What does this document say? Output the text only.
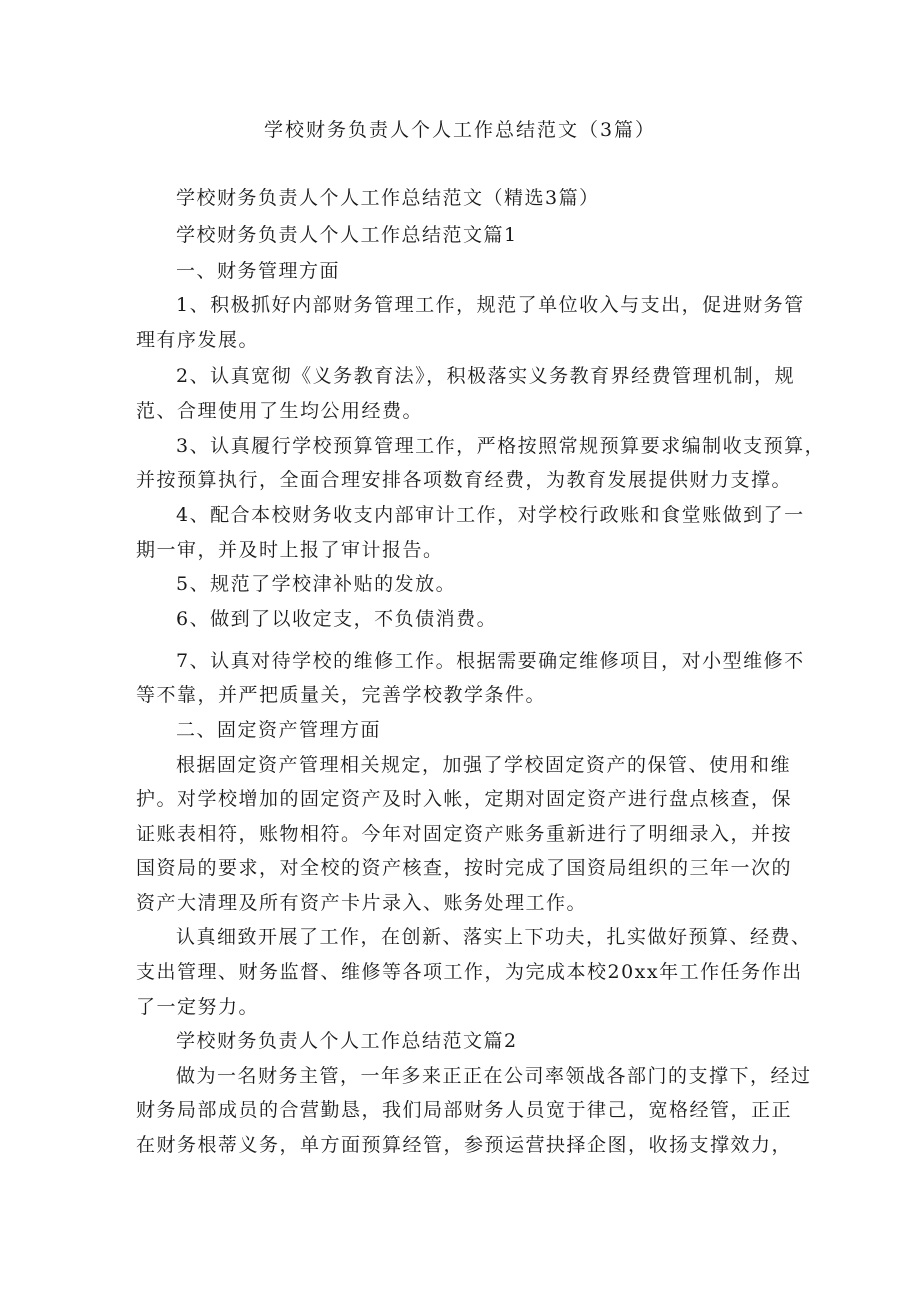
学校财务负责人个人工作总结范文（3篇）
学校财务负责人个人工作总结范文（精选3篇）
学校财务负责人个人工作总结范文篇1
一、财务管理方面
1、积极抓好内部财务管理工作，规范了单位收入与支出，促进财务管
理有序发展。
2、认真宽彻《义务教育法》，积极落实义务教育界经费管理机制，规
范、合理使用了生均公用经费。
3、认真履行学校预算管理工作，严格按照常规预算要求编制收支预算，
并按预算执行，全面合理安排各项数育经费，为教育发展提供财力支撑。
4、配合本校财务收支内部审计工作，对学校行政账和食堂账做到了一
期一审，并及时上报了审计报告。
5、规范了学校津补贴的发放。
6、做到了以收定支，不负债消费。
7、认真对待学校的维修工作。根据需要确定维修项目，对小型维修不
等不靠，并严把质量关，完善学校教学条件。
二、固定资产管理方面
根据固定资产管理相关规定，加强了学校固定资产的保管、使用和维
护。对学校增加的固定资产及时入帐，定期对固定资产进行盘点核查，保
证账表相符，账物相符。今年对固定资产账务重新进行了明细录入，并按
国资局的要求，对全校的资产核查，按时完成了国资局组织的三年一次的
资产大清理及所有资产卡片录入、账务处理工作。
认真细致开展了工作，在创新、落实上下功夫，扎实做好预算、经费、
支出管理、财务监督、维修等各项工作，为完成本校20xx年工作任务作出
了一定努力。
学校财务负责人个人工作总结范文篇2
做为一名财务主管，一年多来正正在公司率领战各部门的支撑下，经过
财务局部成员的合营勤恳，我们局部财务人员宽于律己，宽格经管，正正
在财务根蒂义务，单方面预算经管，参预运营抉择企图，收扬支撑效力，
